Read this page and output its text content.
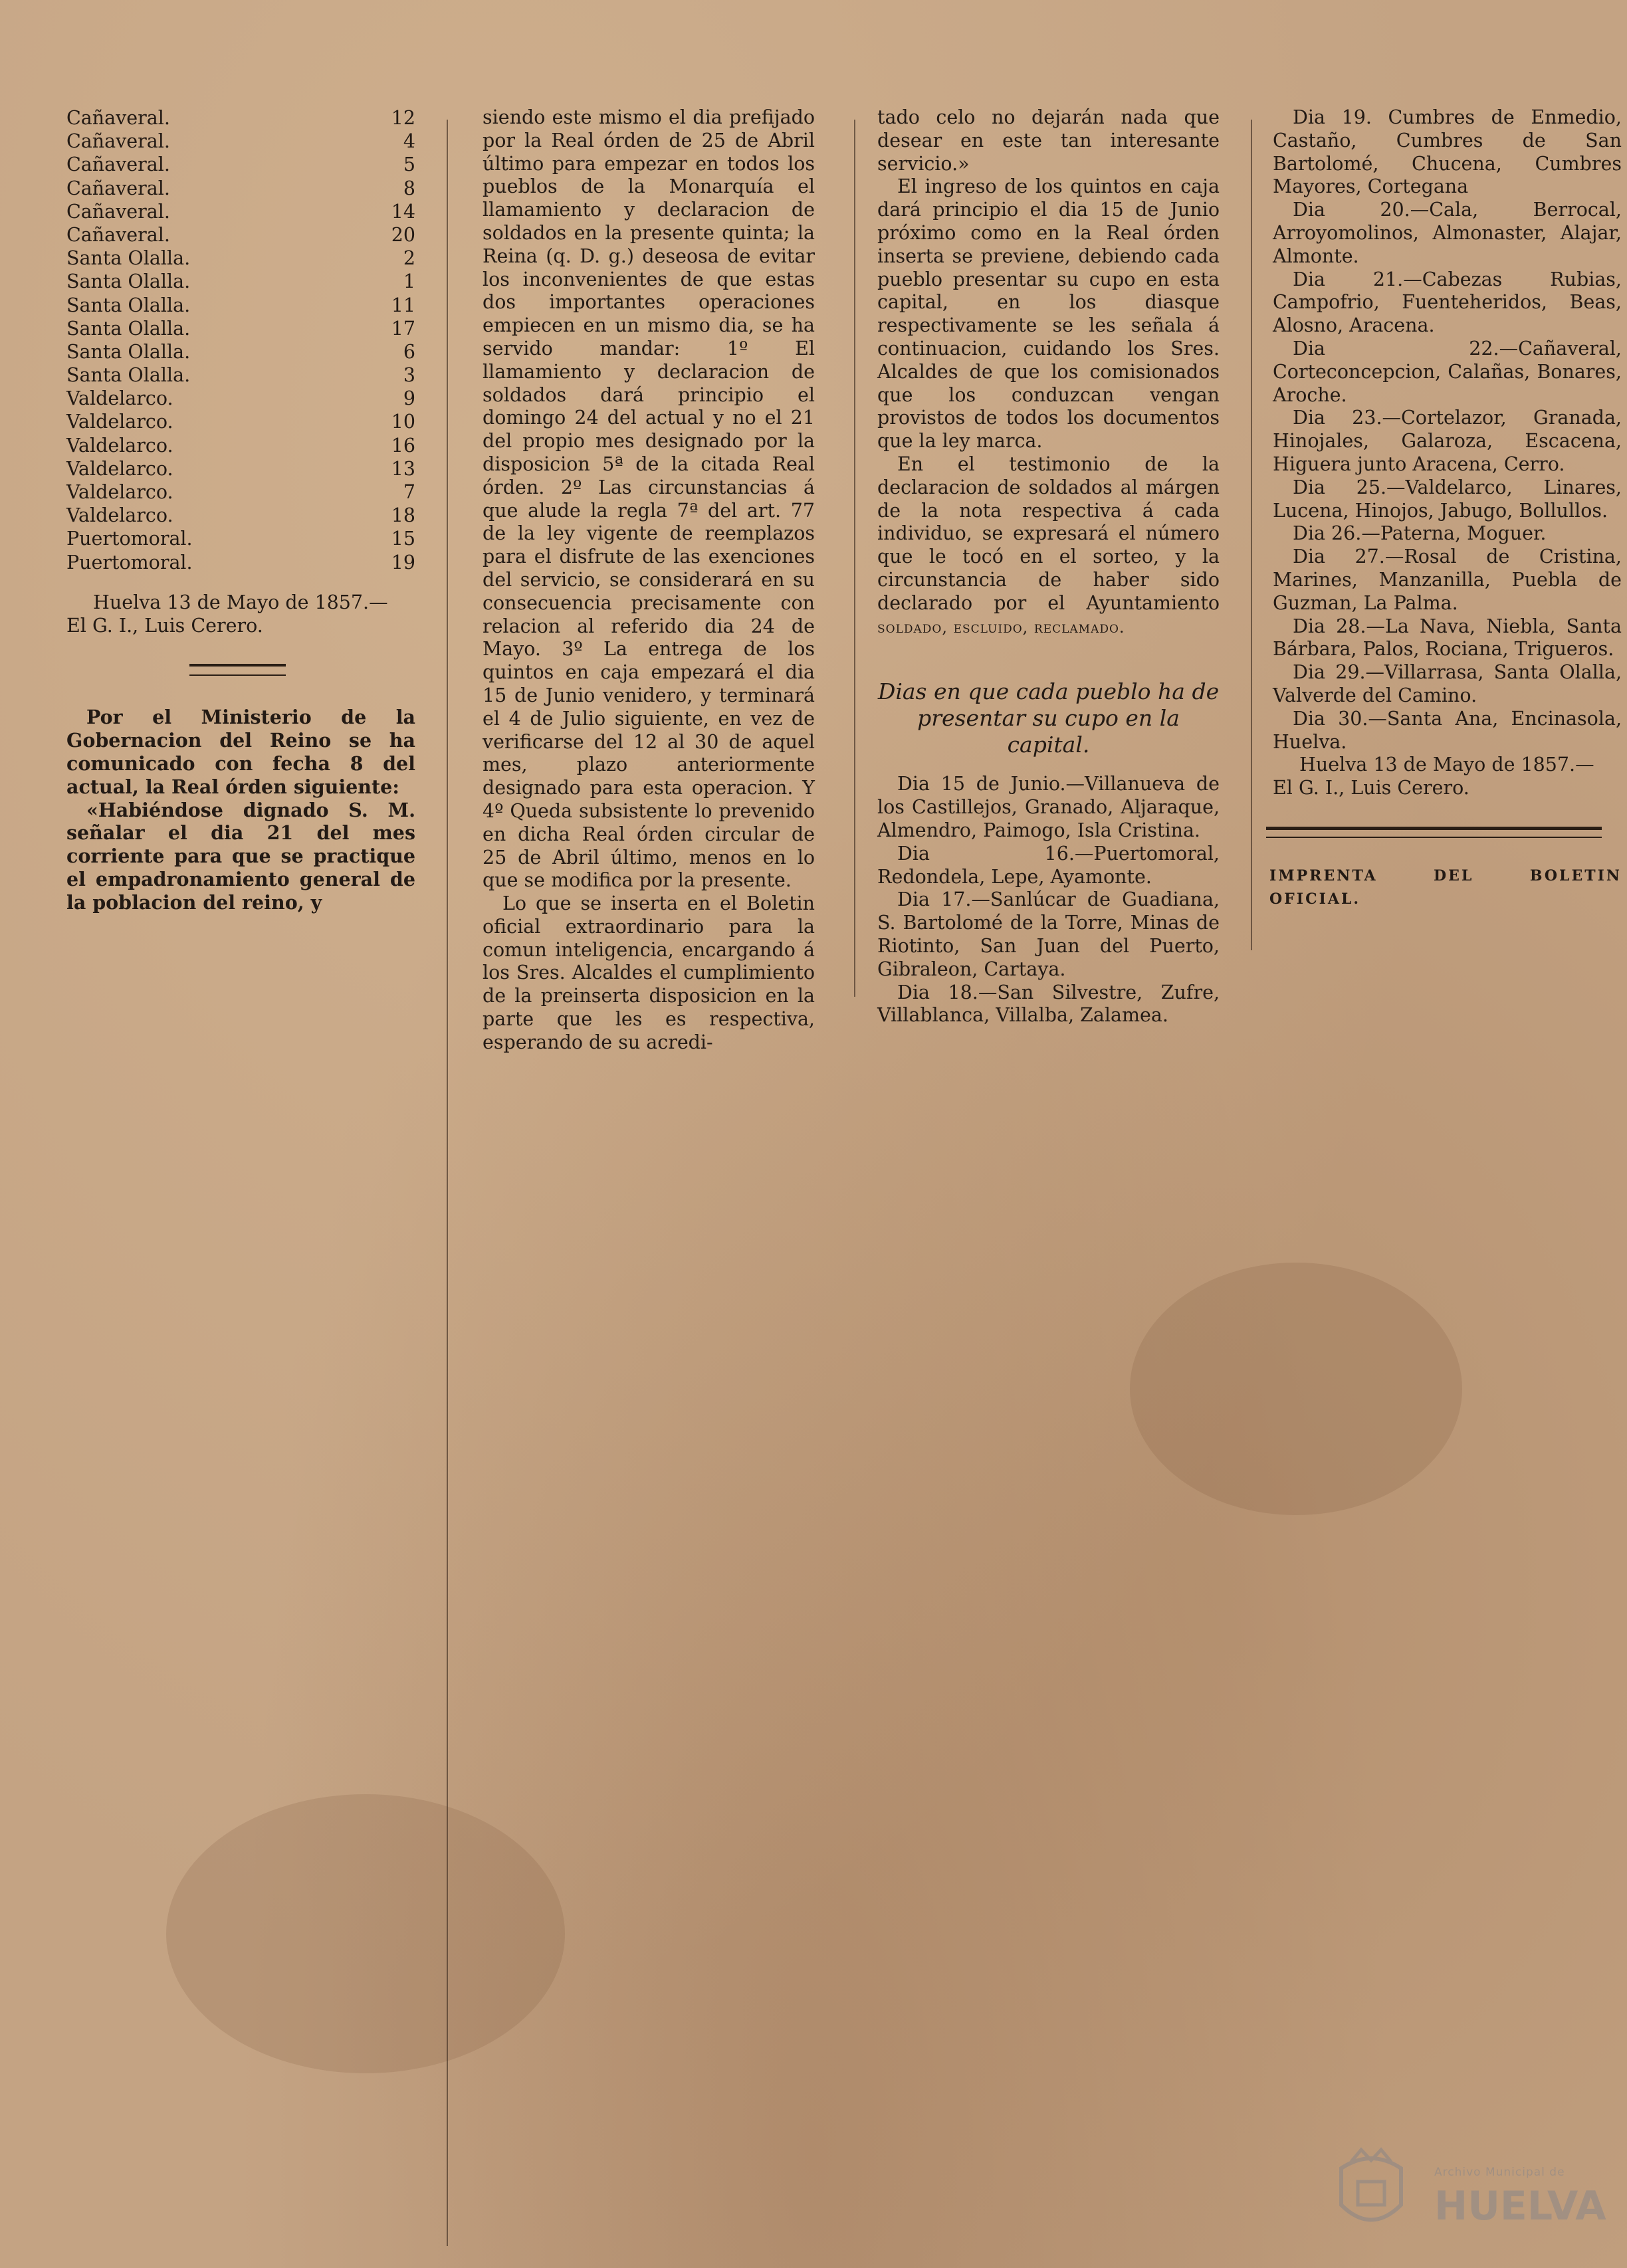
Cañaveral.	12
Cañaveral.	4
Cañaveral.	5
Cañaveral.	8
Cañaveral.	14
Cañaveral.	20
Santa Olalla.	2
Santa Olalla.	1
Santa Olalla.	11
Santa Olalla.	17
Santa Olalla.	6
Santa Olalla.	3
Valdelarco.	9
Valdelarco.	10
Valdelarco.	16
Valdelarco.	13
Valdelarco.	7
Valdelarco.	18
Puertomoral.	15
Puertomoral.	19

Huelva 13 de Mayo de 1857.—

El G. I., Luis Cerero.

Por el Ministerio de la Gobernacion del Reino se ha comunicado con fecha 8 del actual, la Real órden siguiente:

«Habiéndose dignado S. M. señalar el dia 21 del mes corriente para que se practique el empadronamiento general de la poblacion del reino, y

siendo este mismo el dia prefijado por la Real órden de 25 de Abril último para empezar en todos los pueblos de la Monarquía el llamamiento y declaracion de soldados en la presente quinta; la Reina (q. D. g.) deseosa de evitar los inconvenientes de que estas dos importantes operaciones empiecen en un mismo dia, se ha servido mandar: 1º El llamamiento y declaracion de soldados dará principio el domingo 24 del actual y no el 21 del propio mes designado por la disposicion 5ª de la citada Real órden. 2º Las circunstancias á que alude la regla 7ª del art. 77 de la ley vigente de reemplazos para el disfrute de las exenciones del servicio, se considerará en su consecuencia precisamente con relacion al referido dia 24 de Mayo. 3º La entrega de los quintos en caja empezará el dia 15 de Junio venidero, y terminará el 4 de Julio siguiente, en vez de verificarse del 12 al 30 de aquel mes, plazo anteriormente designado para esta operacion. Y 4º Queda subsistente lo prevenido en dicha Real órden circular de 25 de Abril último, menos en lo que se modifica por la presente.

Lo que se inserta en el Boletin oficial extraordinario para la comun inteligencia, encargando á los Sres. Alcaldes el cumplimiento de la preinserta disposicion en la parte que les es respectiva, esperando de su acredi-

tado celo no dejarán nada que desear en este tan interesante servicio.»

El ingreso de los quintos en caja dará principio el dia 15 de Junio próximo como en la Real órden inserta se previene, debiendo cada pueblo presentar su cupo en esta capital, en los diasque respectivamente se les señala á continuacion, cuidando los Sres. Alcaldes de que los comisionados que los conduzcan vengan provistos de todos los documentos que la ley marca.

En el testimonio de la declaracion de soldados al márgen de la nota respectiva á cada individuo, se expresará el número que le tocó en el sorteo, y la circunstancia de haber sido declarado por el Ayuntamiento soldado, escluido, reclamado.

Dias en que cada pueblo ha de presentar su cupo en la capital.

Dia 15 de Junio.—Villanueva de los Castillejos, Granado, Aljaraque, Almendro, Paimogo, Isla Cristina.

Dia 16.—Puertomoral, Redondela, Lepe, Ayamonte.

Dia 17.—Sanlúcar de Guadiana, S. Bartolomé de la Torre, Minas de Riotinto, San Juan del Puerto, Gibraleon, Cartaya.

Dia 18.—San Silvestre, Zufre, Villablanca, Villalba, Zalamea.

Dia 19. Cumbres de Enmedio, Castaño, Cumbres de San Bartolomé, Chucena, Cumbres Mayores, Cortegana

Dia 20.—Cala, Berrocal, Arroyomolinos, Almonaster, Alajar, Almonte.

Dia 21.—Cabezas Rubias, Campofrio, Fuenteheridos, Beas, Alosno, Aracena.

Dia 22.—Cañaveral, Corteconcepcion, Calañas, Bonares, Aroche.

Dia 23.—Cortelazor, Granada, Hinojales, Galaroza, Escacena, Higuera junto Aracena, Cerro.

Dia 25.—Valdelarco, Linares, Lucena, Hinojos, Jabugo, Bollullos.

Dia 26.—Paterna, Moguer.

Dia 27.—Rosal de Cristina, Marines, Manzanilla, Puebla de Guzman, La Palma.

Dia 28.—La Nava, Niebla, Santa Bárbara, Palos, Rociana, Trigueros.

Dia 29.—Villarrasa, Santa Olalla, Valverde del Camino.

Dia 30.—Santa Ana, Encinasola, Huelva.

Huelva 13 de Mayo de 1857.—

El G. I., Luis Cerero.

IMPRENTA DEL BOLETIN OFICIAL.
Archivo Municipal de
HUELVA
